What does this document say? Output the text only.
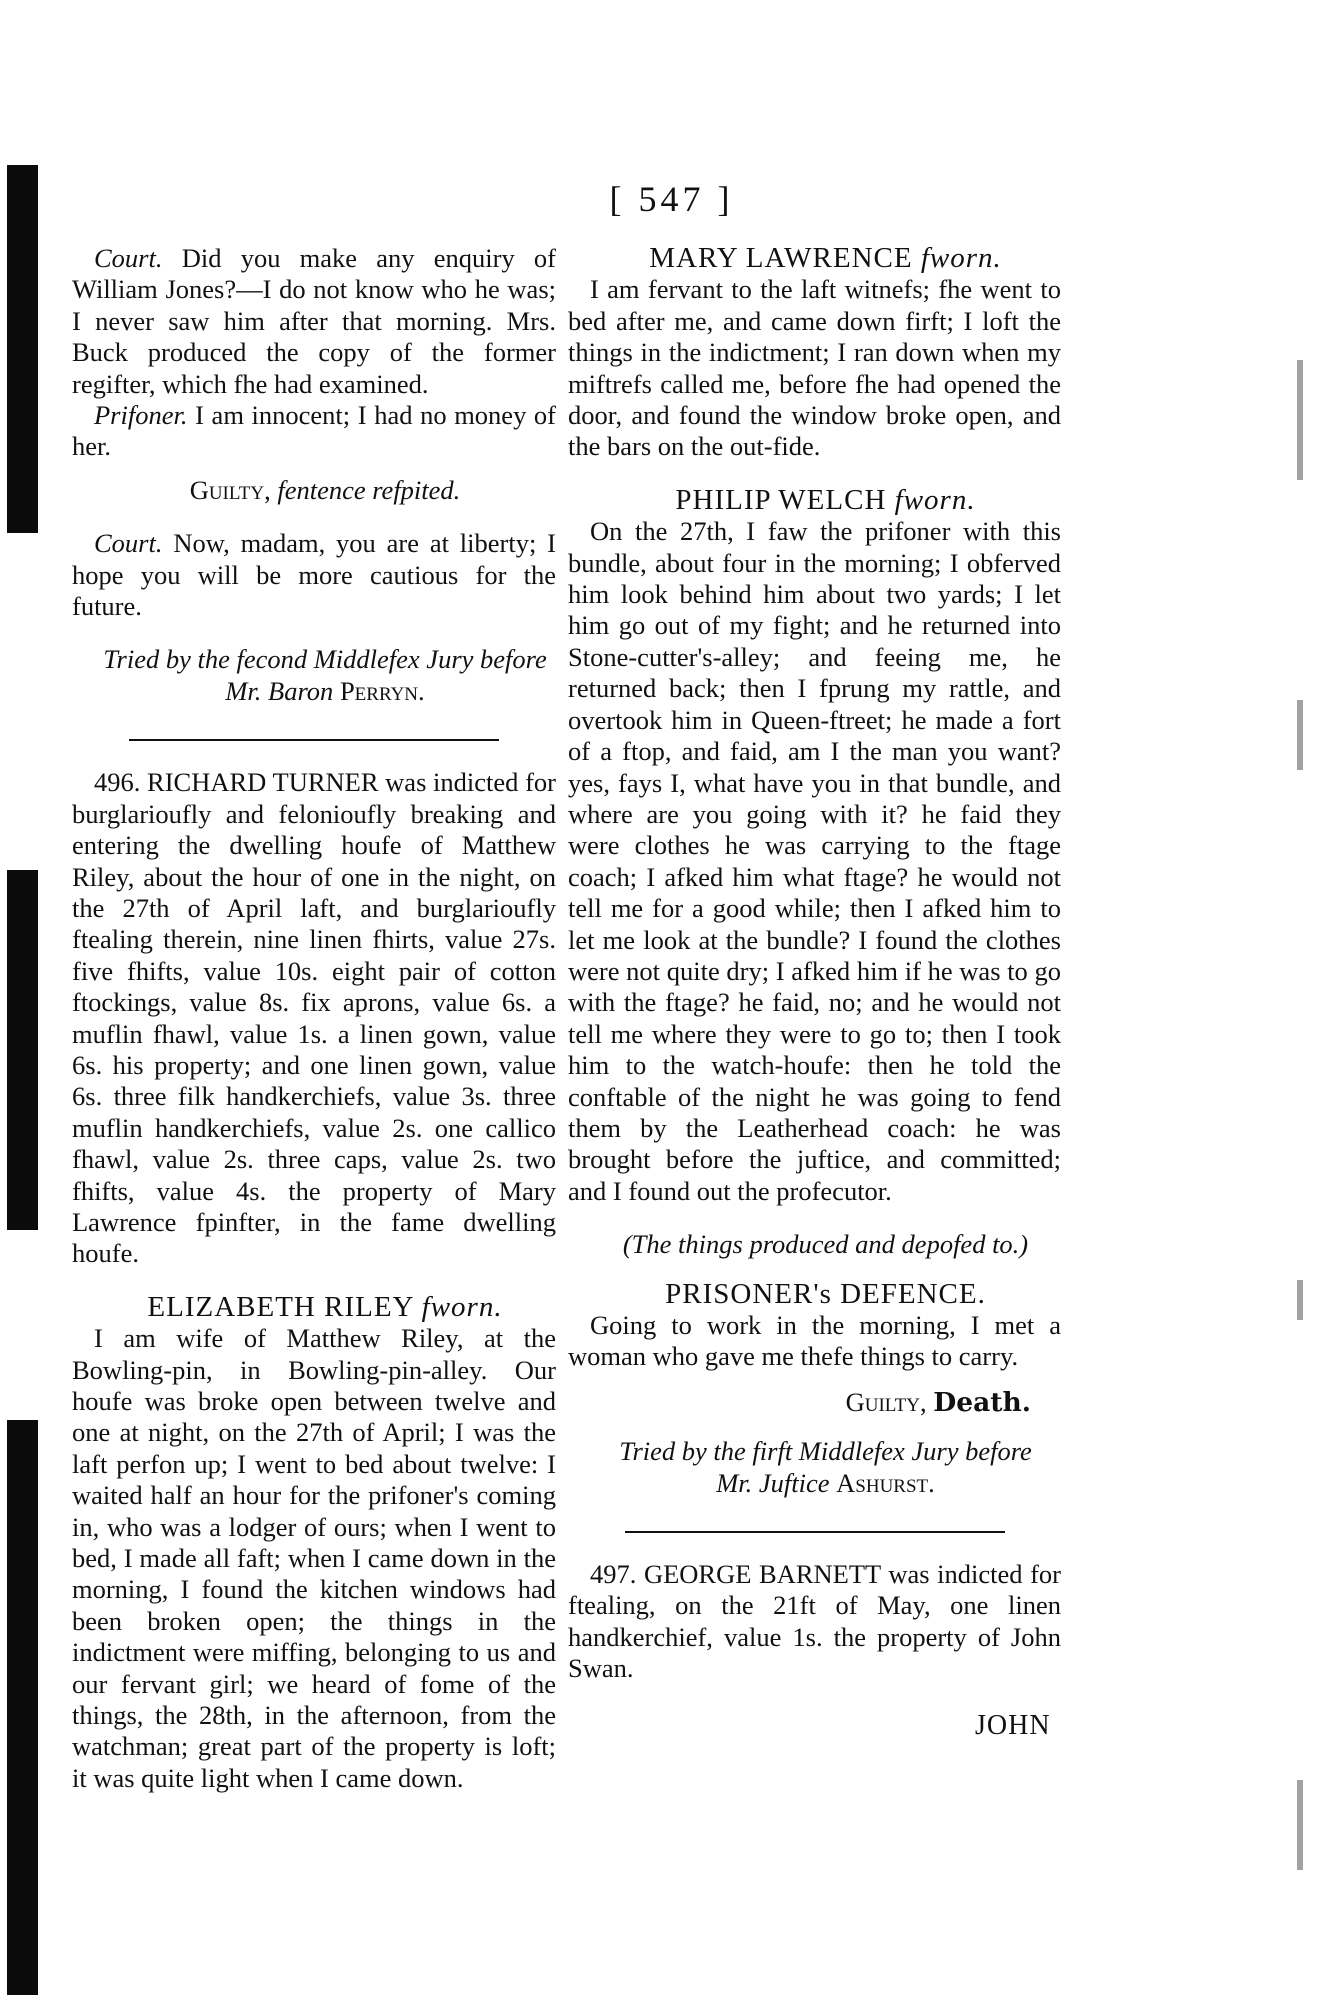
[ 547 ]

Court. Did you make any enquiry of William Jones?—I do not know who he was; I never saw him after that morning. Mrs. Buck produced the copy of the former regifter, which fhe had examined.

Prifoner. I am innocent; I had no money of her.

Guilty, fentence refpited.

Court. Now, madam, you are at liberty; I hope you will be more cautious for the future.

Tried by the fecond Middlefex Jury before

Mr. Baron Perryn.

496. RICHARD TURNER was indicted for burglarioufly and felonioufly breaking and entering the dwelling houfe of Matthew Riley, about the hour of one in the night, on the 27th of April laft, and burglarioufly ftealing therein, nine linen fhirts, value 27s. five fhifts, value 10s. eight pair of cotton ftockings, value 8s. fix aprons, value 6s. a muflin fhawl, value 1s. a linen gown, value 6s. his property; and one linen gown, value 6s. three filk handkerchiefs, value 3s. three muflin handkerchiefs, value 2s. one callico fhawl, value 2s. three caps, value 2s. two fhifts, value 4s. the property of Mary Lawrence fpinfter, in the fame dwelling houfe.

ELIZABETH RILEY fworn.

I am wife of Matthew Riley, at the Bowling-pin, in Bowling-pin-alley. Our houfe was broke open between twelve and one at night, on the 27th of April; I was the laft perfon up; I went to bed about twelve: I waited half an hour for the prifoner's coming in, who was a lodger of ours; when I went to bed, I made all faft; when I came down in the morning, I found the kitchen windows had been broken open; the things in the indictment were miffing, belonging to us and our fervant girl; we heard of fome of the things, the 28th, in the afternoon, from the watchman; great part of the property is loft; it was quite light when I came down.

MARY LAWRENCE fworn.

I am fervant to the laft witnefs; fhe went to bed after me, and came down firft; I loft the things in the indictment; I ran down when my miftrefs called me, before fhe had opened the door, and found the window broke open, and the bars on the out-fide.

PHILIP WELCH fworn.

On the 27th, I faw the prifoner with this bundle, about four in the morning; I obferved him look behind him about two yards; I let him go out of my fight; and he returned into Stone-cutter's-alley; and feeing me, he returned back; then I fprung my rattle, and overtook him in Queen-ftreet; he made a fort of a ftop, and faid, am I the man you want? yes, fays I, what have you in that bundle, and where are you going with it? he faid they were clothes he was carrying to the ftage coach; I afked him what ftage? he would not tell me for a good while; then I afked him to let me look at the bundle? I found the clothes were not quite dry; I afked him if he was to go with the ftage? he faid, no; and he would not tell me where they were to go to; then I took him to the watch-houfe: then he told the conftable of the night he was going to fend them by the Leatherhead coach: he was brought before the juftice, and committed; and I found out the profecutor.

(The things produced and depofed to.)

PRISONER's DEFENCE.

Going to work in the morning, I met a woman who gave me thefe things to carry.

Guilty, Death.

Tried by the firft Middlefex Jury before

Mr. Juftice Ashurst.

497. GEORGE BARNETT was indicted for ftealing, on the 21ft of May, one linen handkerchief, value 1s. the property of John Swan.

JOHN
